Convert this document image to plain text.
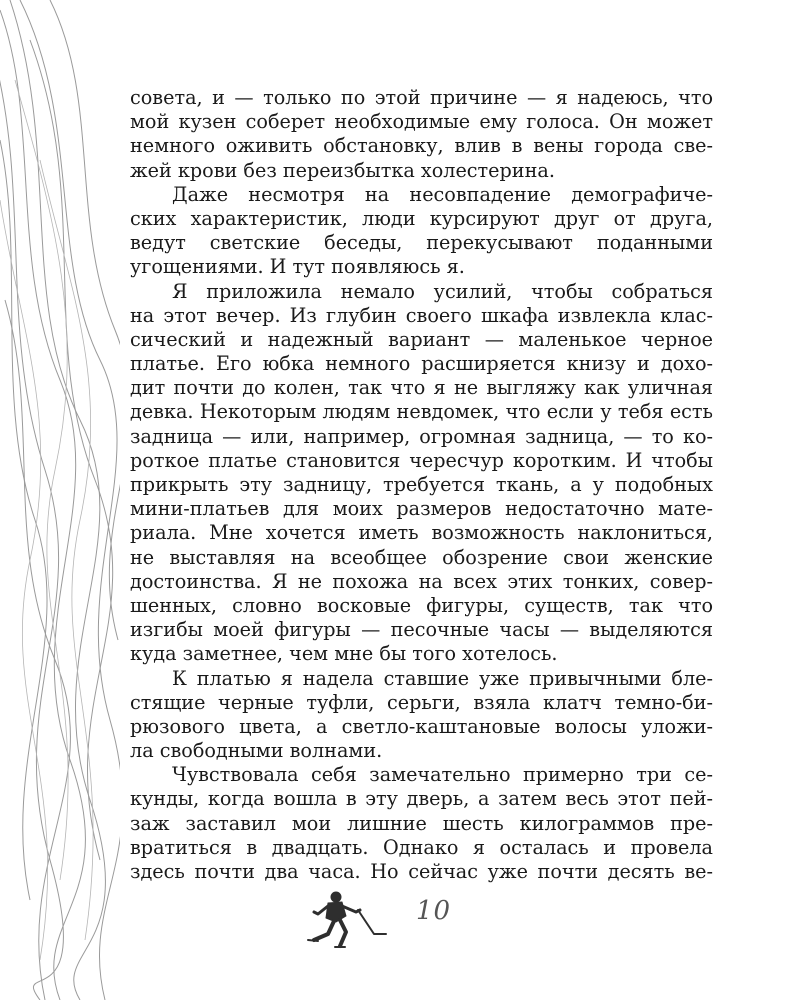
совета, и — только по этой причине — я надеюсь, что
мой кузен соберет необходимые ему голоса. Он может
немного оживить обстановку, влив в вены города све-
жей крови без переизбытка холестерина.
Даже несмотря на несовпадение демографиче-
ских характеристик, люди курсируют друг от друга,
ведут светские беседы, перекусывают поданными
угощениями. И тут появляюсь я.
Я приложила немало усилий, чтобы собраться
на этот вечер. Из глубин своего шкафа извлекла клас-
сический и надежный вариант — маленькое черное
платье. Его юбка немного расширяется книзу и дохо-
дит почти до колен, так что я не выгляжу как уличная
девка. Некоторым людям невдомек, что если у тебя есть
задница — или, например, огромная задница, — то ко-
роткое платье становится чересчур коротким. И чтобы
прикрыть эту задницу, требуется ткань, а у подобных
мини-платьев для моих размеров недостаточно мате-
риала. Мне хочется иметь возможность наклониться,
не выставляя на всеобщее обозрение свои женские
достоинства. Я не похожа на всех этих тонких, совер-
шенных, словно восковые фигуры, существ, так что
изгибы моей фигуры — песочные часы — выделяются
куда заметнее, чем мне бы того хотелось.
К платью я надела ставшие уже привычными бле-
стящие черные туфли, серьги, взяла клатч темно-би-
рюзового цвета, а светло-каштановые волосы уложи-
ла свободными волнами.
Чувствовала себя замечательно примерно три се-
кунды, когда вошла в эту дверь, а затем весь этот пей-
заж заставил мои лишние шесть килограммов пре-
вратиться в двадцать. Однако я осталась и провела
здесь почти два часа. Но сейчас уже почти десять ве-
10
